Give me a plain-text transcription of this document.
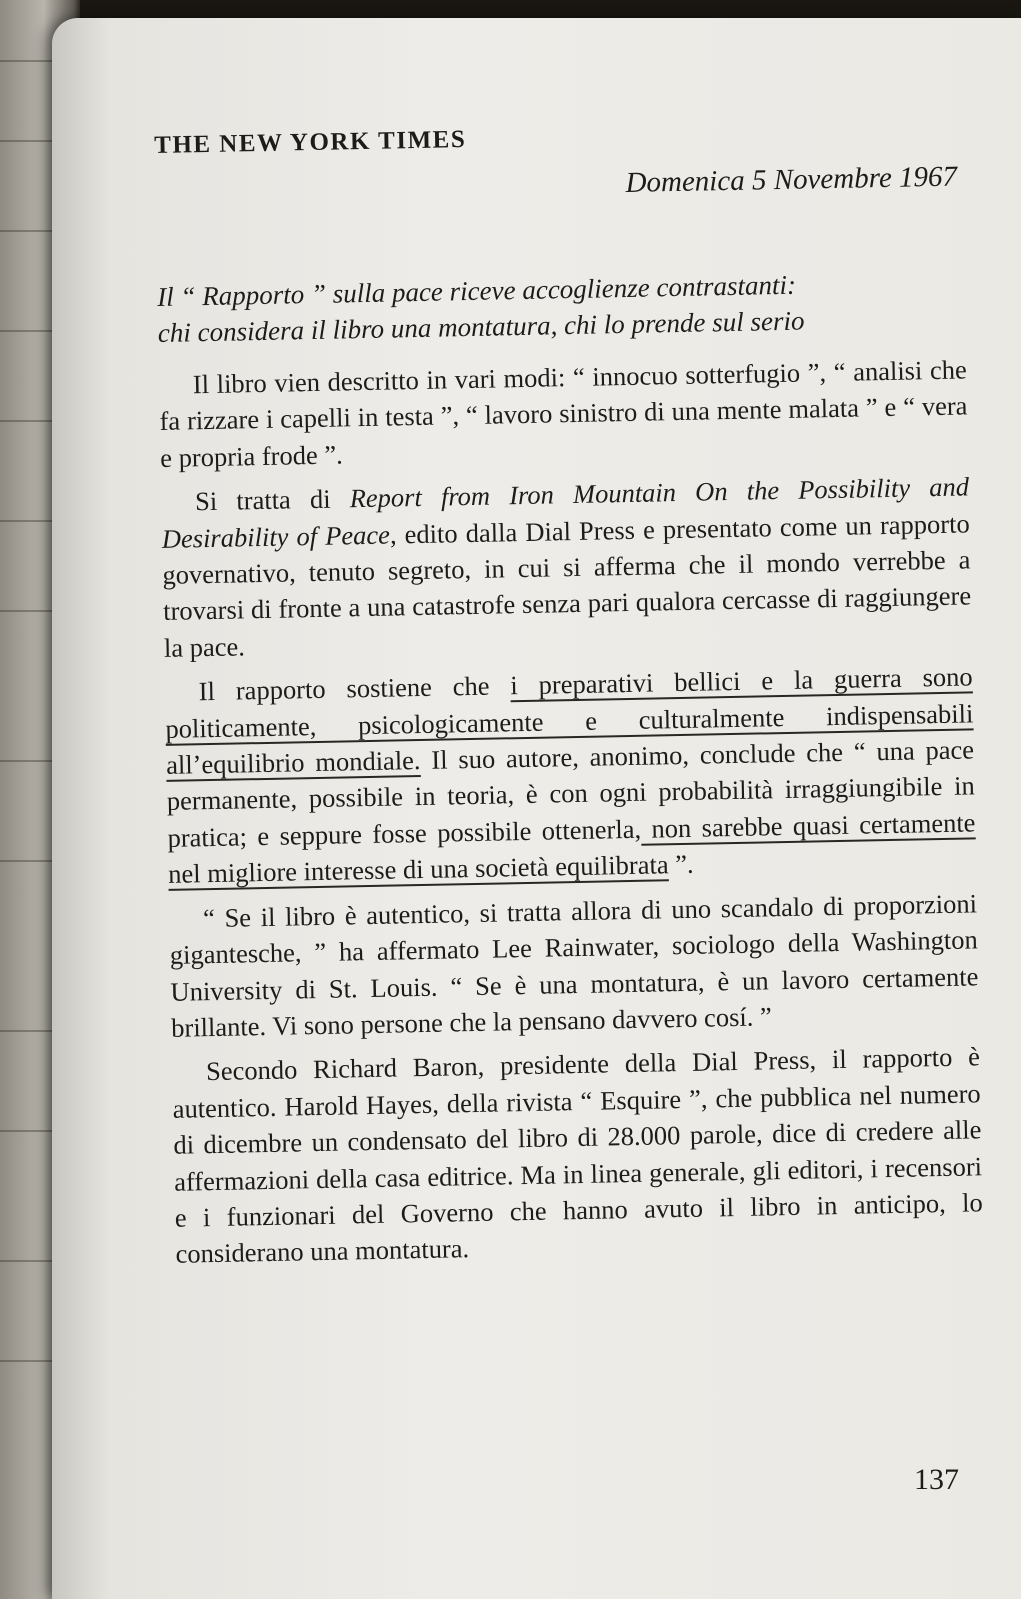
THE NEW YORK TIMES
Domenica 5 Novembre 1967
Il “ Rapporto ” sulla pace riceve accoglienze contrastanti:
chi considera il libro una montatura, chi lo prende sul serio

Il libro vien descritto in vari modi: “ innocuo sotterfugio ”, “ analisi che fa rizzare i capelli in testa ”, “ lavoro sinistro di una mente malata ” e “ vera e propria frode ”.

Si tratta di Report from Iron Mountain On the Possibility and Desirability of Peace, edito dalla Dial Press e presentato come un rapporto governativo, tenuto segreto, in cui si afferma che il mondo verrebbe a trovarsi di fronte a una catastrofe senza pari qualora cercasse di raggiungere la pace.

Il rapporto sostiene che i preparativi bellici e la guerra sono politicamente, psicologicamente e culturalmente indispensabili all’equilibrio mondiale. Il suo autore, anonimo, conclude che “ una pace permanente, possibile in teoria, è con ogni probabilità irraggiungibile in pratica; e seppure fosse possibile ottenerla, non sarebbe quasi certamente nel migliore interesse di una società equilibrata ”.

“ Se il libro è autentico, si tratta allora di uno scandalo di proporzioni gigantesche, ” ha affermato Lee Rainwater, sociologo della Washington University di St. Louis. “ Se è una montatura, è un lavoro certamente brillante. Vi sono persone che la pensano davvero cosí. ”

Secondo Richard Baron, presidente della Dial Press, il rapporto è autentico. Harold Hayes, della rivista “ Esquire ”, che pubblica nel numero di dicembre un condensato del libro di 28.000 parole, dice di credere alle affermazioni della casa editrice. Ma in linea generale, gli editori, i recensori e i funzionari del Governo che hanno avuto il libro in anticipo, lo considerano una montatura.

137
